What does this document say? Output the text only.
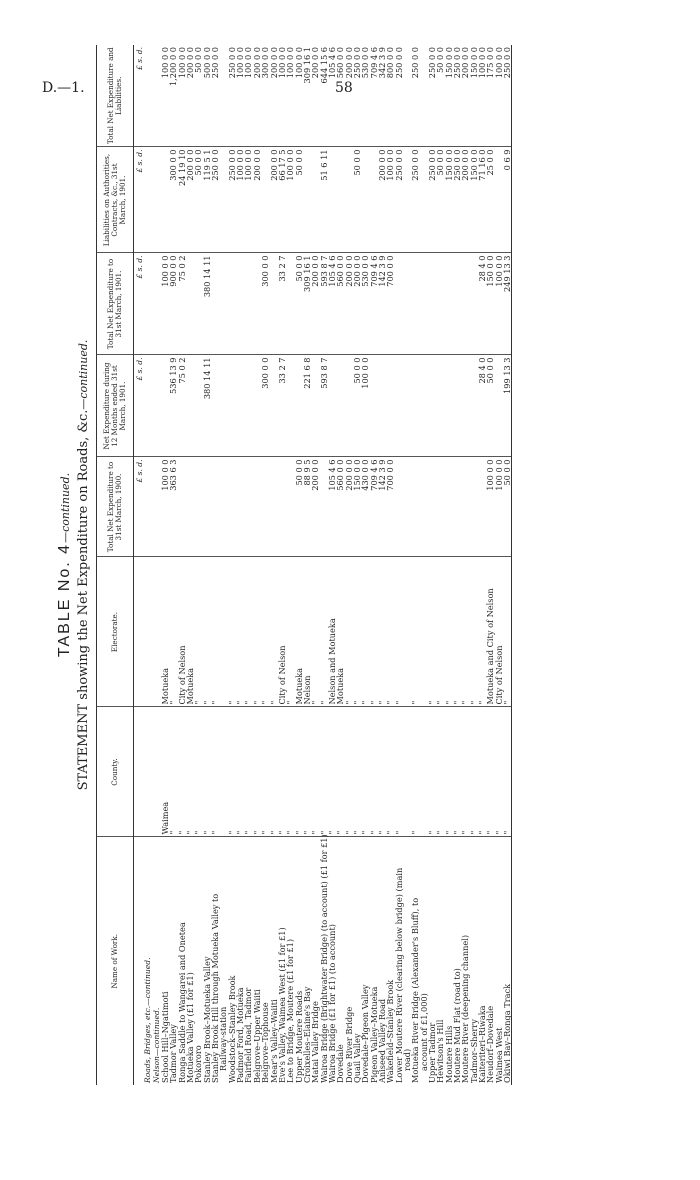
D.—1.	58
TABLE No. 4—continued. STATEMENT showing the Net Expenditure on Roads, &c.—continued.
Name of Work.	County.	Electorate.	Total Net Expenditure to 31st March, 1900.	Net Expenditure during 12 Months ended 31st March, 1901.	Total Net Expenditure to 31st March, 1901.	Liabilities on Authorities, Contracts, &c., 31st March, 1901.	Total Net Expenditure and Liabilities.
			£ s. d.	£ s. d.	£ s. d.	£ s. d.	£ s. d.
Roads, Bridges, etc.—continued.							
Nelson—continued.							
School Hill–Ngatimoti	Waimea	Motueka	100 0 0		100 0 0		100 0 0
Tadmor Valley	"	"	363 6 3	536 13 9	900 0 0	300 0 0	1,200 0 0
Ronga Saddle to Wangarei and Onetea	"	City of Nelson		75 0 2	75 0 2	24 19 10	100 0 0
Motueka Valley (£1 for £1)	"	Motueka				200 0 0	200 0 0
Pokororo	"	"				50 0 0	50 0 0
Stanley Brook–Motueka Valley	"	"		380 14 11	380 14 11	119 5 1	500 0 0
Stanley Brook Hill through Motueka Valley to	"	"				250 0 0	250 0 0
Railway-station							
Woodstock–Stanley Brook	"	"				250 0 0	250 0 0
Padmor Ford, Motueka	"	"				100 0 0	100 0 0
Fairfield Road, Tadmor	"	"				100 0 0	100 0 0
Belgrove–Upper Waiiti	"	"				200 0 0	200 0 0
Belgrove–Tophouse	"	"		300 0 0	300 0 0		300 0 0
Mear's Valley–Waiiti	"	"				200 0 0	200 0 0
Eve's Valley, Waimea West (£1 for £1)	"	City of Nelson		33 2 7	33 2 7	66 17 5	100 0 0
Lee to Bridge, Moutere (£1 for £1)	"	"				100 0 0	100 0 0
Upper Moutere Roads	"	Motueka	50 0 0		50 0 0	50 0 0	100 0 0
Croixelles–Elaine's Bay	"	Nelson	88 9 5	221 6 8	309 16 1		309 16 1
Matai Valley Bridge	"	"	200 0 0		200 0 0		200 0 0
Wairoa Bridge (Brightwater Bridge) (to account) (£1 for £1)	"	"		593 8 7	593 8 7	51 6 11	644 15 6
Wairoa Bridge (£1 for £1) (to account)	"	Nelson and Motueka	105 4 6		105 4 6		105 4 6
Dovedale	"	Motueka	560 0 0		560 0 0		560 0 0
Dove River Bridge	"	"	200 0 0		200 0 0		200 0 0
Quail Valley	"	"	150 0 0	50 0 0	200 0 0	50 0 0	250 0 0
Dovedale–Pigeon Valley	"	"	430 0 0	100 0 0	530 0 0		530 0 0
Pigeon Valley–Motueka	"	"	709 4 6		709 4 6		709 4 6
Aniseed Valley Road	"	"	142 3 9		142 3 9	200 0 0	342 3 9
Wakefield–Stanley Brook	"	"	700 0 0		700 0 0	100 0 0	800 0 0
Lower Moutere River (clearing below bridge) (main	"	"				250 0 0	250 0 0
road)							
Motueka River Bridge (Alexander's Bluff), to	"	"				250 0 0	250 0 0
account of £1,000)							
Upper Tadmor	"	"				250 0 0	250 0 0
Hewitson's Hill	"	"				50 0 0	50 0 0
Moutere Hills	"	"				150 0 0	150 0 0
Moutere Mud Flat (road to)	"	"				250 0 0	250 0 0
Moutere River (deepening channel)	"	"				200 0 0	200 0 0
Tadmor–Sherry	"	"				150 0 0	150 0 0
Kaiteriteri–Riwaka	"	"		28 4 0	28 4 0	71 16 0	100 0 0
Neudorf–Dovedale	"	Motueka and City of Nelson	100 0 0	50 0 0	150 0 0	25 0 0	175 0 0
Waimea West	"	City of Nelson	100 0 0		100 0 0		100 0 0
Okiwi Bay–Ronga Track	"	"	50 0 0	199 13 3	249 13 3	0 6 9	250 0 0
